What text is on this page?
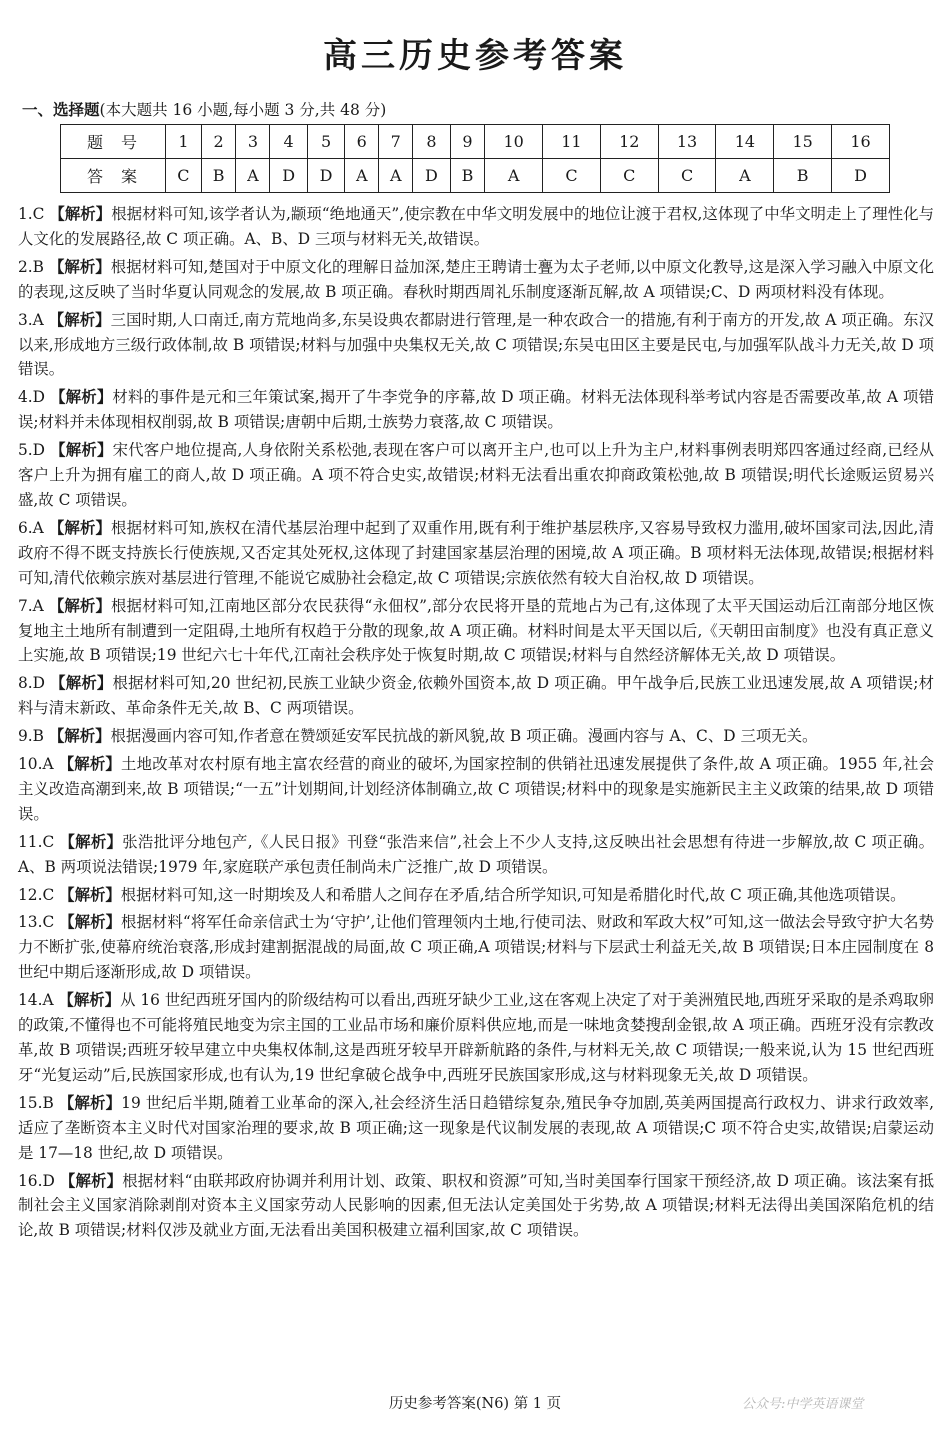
高三历史参考答案
一、选择题(本大题共 16 小题,每小题 3 分,共 48 分)
题号	1	2	3	4	5	6	7	8	9	10	11	12	13	14	15	16
答案	C	B	A	D	D	A	A	D	B	A	C	C	C	A	B	D

1.C 【解析】根据材料可知,该学者认为,颛顼“绝地通天”,使宗教在中华文明发展中的地位让渡于君权,这体现了中华文明走上了理性化与人文化的发展路径,故 C 项正确。A、B、D 三项与材料无关,故错误。

2.B 【解析】根据材料可知,楚国对于中原文化的理解日益加深,楚庄王聘请士亹为太子老师,以中原文化教导,这是深入学习融入中原文化的表现,这反映了当时华夏认同观念的发展,故 B 项正确。春秋时期西周礼乐制度逐渐瓦解,故 A 项错误;C、D 两项材料没有体现。

3.A 【解析】三国时期,人口南迁,南方荒地尚多,东吴设典农都尉进行管理,是一种农政合一的措施,有利于南方的开发,故 A 项正确。东汉以来,形成地方三级行政体制,故 B 项错误;材料与加强中央集权无关,故 C 项错误;东吴屯田区主要是民屯,与加强军队战斗力无关,故 D 项错误。

4.D 【解析】材料的事件是元和三年策试案,揭开了牛李党争的序幕,故 D 项正确。材料无法体现科举考试内容是否需要改革,故 A 项错误;材料并未体现相权削弱,故 B 项错误;唐朝中后期,士族势力衰落,故 C 项错误。

5.D 【解析】宋代客户地位提高,人身依附关系松弛,表现在客户可以离开主户,也可以上升为主户,材料事例表明郑四客通过经商,已经从客户上升为拥有雇工的商人,故 D 项正确。A 项不符合史实,故错误;材料无法看出重农抑商政策松弛,故 B 项错误;明代长途贩运贸易兴盛,故 C 项错误。

6.A 【解析】根据材料可知,族权在清代基层治理中起到了双重作用,既有利于维护基层秩序,又容易导致权力滥用,破坏国家司法,因此,清政府不得不既支持族长行使族规,又否定其处死权,这体现了封建国家基层治理的困境,故 A 项正确。B 项材料无法体现,故错误;根据材料可知,清代依赖宗族对基层进行管理,不能说它威胁社会稳定,故 C 项错误;宗族依然有较大自治权,故 D 项错误。

7.A 【解析】根据材料可知,江南地区部分农民获得“永佃权”,部分农民将开垦的荒地占为己有,这体现了太平天国运动后江南部分地区恢复地主土地所有制遭到一定阻碍,土地所有权趋于分散的现象,故 A 项正确。材料时间是太平天国以后,《天朝田亩制度》也没有真正意义上实施,故 B 项错误;19 世纪六七十年代,江南社会秩序处于恢复时期,故 C 项错误;材料与自然经济解体无关,故 D 项错误。

8.D 【解析】根据材料可知,20 世纪初,民族工业缺少资金,依赖外国资本,故 D 项正确。甲午战争后,民族工业迅速发展,故 A 项错误;材料与清末新政、革命条件无关,故 B、C 两项错误。

9.B 【解析】根据漫画内容可知,作者意在赞颂延安军民抗战的新风貌,故 B 项正确。漫画内容与 A、C、D 三项无关。

10.A 【解析】土地改革对农村原有地主富农经营的商业的破坏,为国家控制的供销社迅速发展提供了条件,故 A 项正确。1955 年,社会主义改造高潮到来,故 B 项错误;“一五”计划期间,计划经济体制确立,故 C 项错误;材料中的现象是实施新民主主义政策的结果,故 D 项错误。

11.C 【解析】张浩批评分地包产,《人民日报》刊登“张浩来信”,社会上不少人支持,这反映出社会思想有待进一步解放,故 C 项正确。A、B 两项说法错误;1979 年,家庭联产承包责任制尚未广泛推广,故 D 项错误。

12.C 【解析】根据材料可知,这一时期埃及人和希腊人之间存在矛盾,结合所学知识,可知是希腊化时代,故 C 项正确,其他选项错误。

13.C 【解析】根据材料“将军任命亲信武士为‘守护’,让他们管理领内土地,行使司法、财政和军政大权”可知,这一做法会导致守护大名势力不断扩张,使幕府统治衰落,形成封建割据混战的局面,故 C 项正确,A 项错误;材料与下层武士利益无关,故 B 项错误;日本庄园制度在 8 世纪中期后逐渐形成,故 D 项错误。

14.A 【解析】从 16 世纪西班牙国内的阶级结构可以看出,西班牙缺少工业,这在客观上决定了对于美洲殖民地,西班牙采取的是杀鸡取卵的政策,不懂得也不可能将殖民地变为宗主国的工业品市场和廉价原料供应地,而是一味地贪婪搜刮金银,故 A 项正确。西班牙没有宗教改革,故 B 项错误;西班牙较早建立中央集权体制,这是西班牙较早开辟新航路的条件,与材料无关,故 C 项错误;一般来说,认为 15 世纪西班牙“光复运动”后,民族国家形成,也有认为,19 世纪拿破仑战争中,西班牙民族国家形成,这与材料现象无关,故 D 项错误。

15.B 【解析】19 世纪后半期,随着工业革命的深入,社会经济生活日趋错综复杂,殖民争夺加剧,英美两国提高行政权力、讲求行政效率,适应了垄断资本主义时代对国家治理的要求,故 B 项正确;这一现象是代议制发展的表现,故 A 项错误;C 项不符合史实,故错误;启蒙运动是 17—18 世纪,故 D 项错误。

16.D 【解析】根据材料“由联邦政府协调并利用计划、政策、职权和资源”可知,当时美国奉行国家干预经济,故 D 项正确。该法案有抵制社会主义国家消除剥削对资本主义国家劳动人民影响的因素,但无法认定美国处于劣势,故 A 项错误;材料无法得出美国深陷危机的结论,故 B 项错误;材料仅涉及就业方面,无法看出美国积极建立福利国家,故 C 项错误。

历史参考答案(N6) 第 1 页	公众号:中学英语课堂
